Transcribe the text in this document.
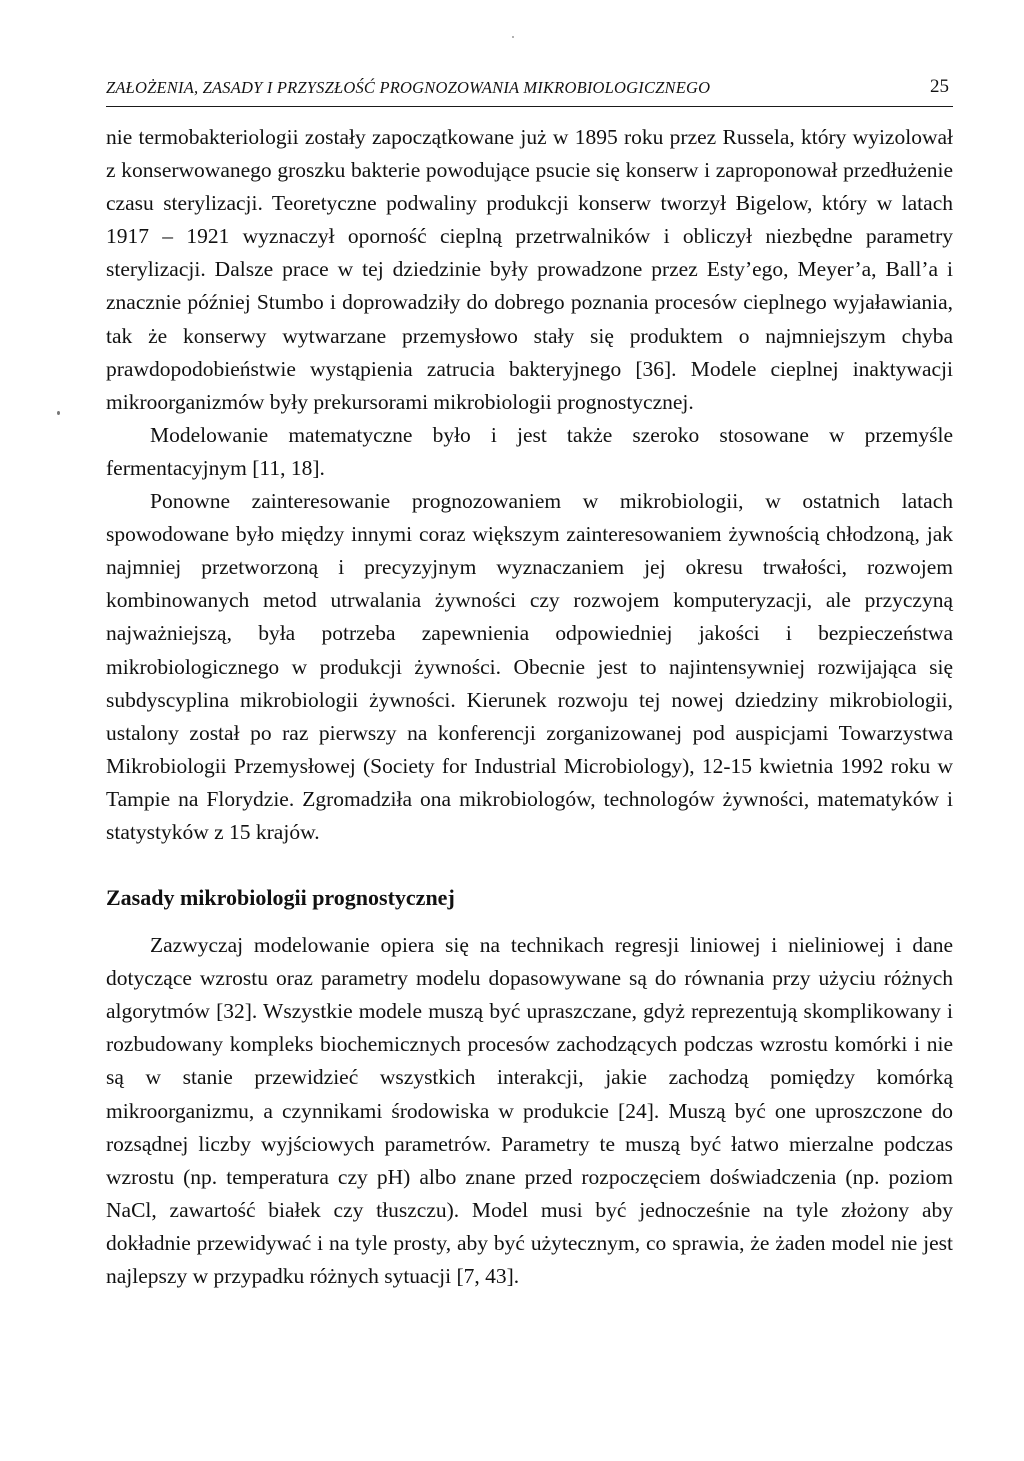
ZAŁOŻENIA, ZASADY I PRZYSZŁOŚĆ PROGNOZOWANIA MIKROBIOLOGICZNEGO	25

nie termobakteriologii zostały zapoczątkowane już w 1895 roku przez Russela, który wyizolował z konserwowanego groszku bakterie powodujące psucie się konserw i zaproponował przedłużenie czasu sterylizacji. Teoretyczne podwaliny produkcji konserw tworzył Bigelow, który w latach 1917 – 1921 wyznaczył oporność cieplną przetrwalników i obliczył niezbędne parametry sterylizacji. Dalsze prace w tej dziedzinie były prowadzone przez Esty’ego, Meyer’a, Ball’a i znacznie później Stumbo i doprowadziły do dobrego poznania procesów cieplnego wyjaławiania, tak że konserwy wytwarzane przemysłowo stały się produktem o najmniejszym chyba prawdopodobieństwie wystąpienia zatrucia bakteryjnego [36]. Modele cieplnej inaktywacji mikroorganizmów były prekursorami mikrobiologii prognostycznej.

Modelowanie matematyczne było i jest także szeroko stosowane w przemyśle fermentacyjnym [11, 18].

Ponowne zainteresowanie prognozowaniem w mikrobiologii, w ostatnich latach spowodowane było między innymi coraz większym zainteresowaniem żywnością chłodzoną, jak najmniej przetworzoną i precyzyjnym wyznaczaniem jej okresu trwałości, rozwojem kombinowanych metod utrwalania żywności czy rozwojem komputeryzacji, ale przyczyną najważniejszą, była potrzeba zapewnienia odpowiedniej jakości i bezpieczeństwa mikrobiologicznego w produkcji żywności. Obecnie jest to najintensywniej rozwijająca się subdyscyplina mikrobiologii żywności. Kierunek rozwoju tej nowej dziedziny mikrobiologii, ustalony został po raz pierwszy na konferencji zorganizowanej pod auspicjami Towarzystwa Mikrobiologii Przemysłowej (Society for Industrial Microbiology), 12-15 kwietnia 1992 roku w Tampie na Florydzie. Zgromadziła ona mikrobiologów, technologów żywności, matematyków i statystyków z 15 krajów.

Zasady mikrobiologii prognostycznej

Zazwyczaj modelowanie opiera się na technikach regresji liniowej i nieliniowej i dane dotyczące wzrostu oraz parametry modelu dopasowywane są do równania przy użyciu różnych algorytmów [32]. Wszystkie modele muszą być upraszczane, gdyż reprezentują skomplikowany i rozbudowany kompleks biochemicznych procesów zachodzących podczas wzrostu komórki i nie są w stanie przewidzieć wszystkich interakcji, jakie zachodzą pomiędzy komórką mikroorganizmu, a czynnikami środowiska w produkcie [24]. Muszą być one uproszczone do rozsądnej liczby wyjściowych parametrów. Parametry te muszą być łatwo mierzalne podczas wzrostu (np. temperatura czy pH) albo znane przed rozpoczęciem doświadczenia (np. poziom NaCl, zawartość białek czy tłuszczu). Model musi być jednocześnie na tyle złożony aby dokładnie przewidywać i na tyle prosty, aby być użytecznym, co sprawia, że żaden model nie jest najlepszy w przypadku różnych sytuacji [7, 43].
